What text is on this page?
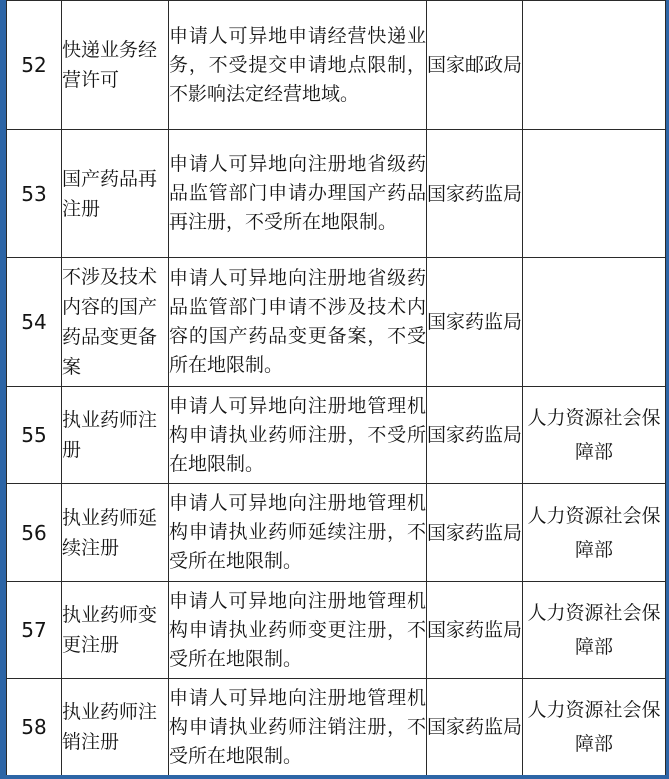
52	快递业务经营许可	申请人可异地申请经营快递业务，不受提交申请地点限制，不影响法定经营地域。	国家邮政局	
53	国产药品再注册	申请人可异地向注册地省级药品监管部门申请办理国产药品再注册，不受所在地限制。	国家药监局	
54	不涉及技术内容的国产药品变更备案	申请人可异地向注册地省级药品监管部门申请不涉及技术内容的国产药品变更备案，不受所在地限制。	国家药监局	
55	执业药师注册	申请人可异地向注册地管理机构申请执业药师注册，不受所在地限制。	国家药监局	人力资源社会保障部
56	执业药师延续注册	申请人可异地向注册地管理机构申请执业药师延续注册，不受所在地限制。	国家药监局	人力资源社会保障部
57	执业药师变更注册	申请人可异地向注册地管理机构申请执业药师变更注册，不受所在地限制。	国家药监局	人力资源社会保障部
58	执业药师注销注册	申请人可异地向注册地管理机构申请执业药师注销注册，不受所在地限制。	国家药监局	人力资源社会保障部
